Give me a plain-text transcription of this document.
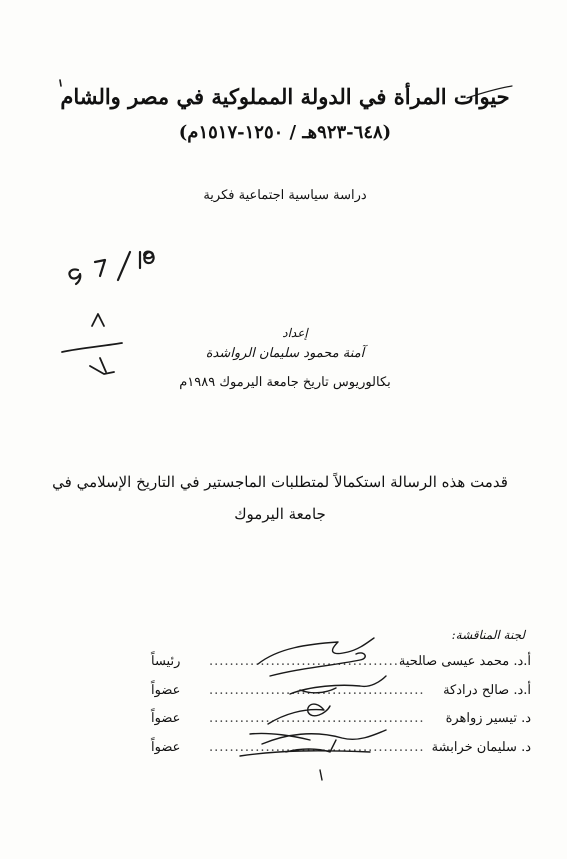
حيوات المرأة في الدولة المملوكية في مصر والشام
(٦٤٨-٩٢٣هـ / ١٢٥٠-١٥١٧م)
دراسة سياسية اجتماعية فكرية
إعداد
آمنة محمود سليمان الرواشدة
بكالوريوس تاريخ جامعة اليرموك ١٩٨٩م
قدمت هذه الرسالة استكمالاً لمتطلبات الماجستير في التاريخ الإسلامي في جامعة اليرموك
لجنة المناقشة:
أ.د. محمد عيسى صالحية
..........................................
رئيساً
أ.د. صالح درادكة
..........................................
عضواً
د. تيسير زواهرة
..........................................
عضواً
د. سليمان خرابشة
..........................................
عضواً
